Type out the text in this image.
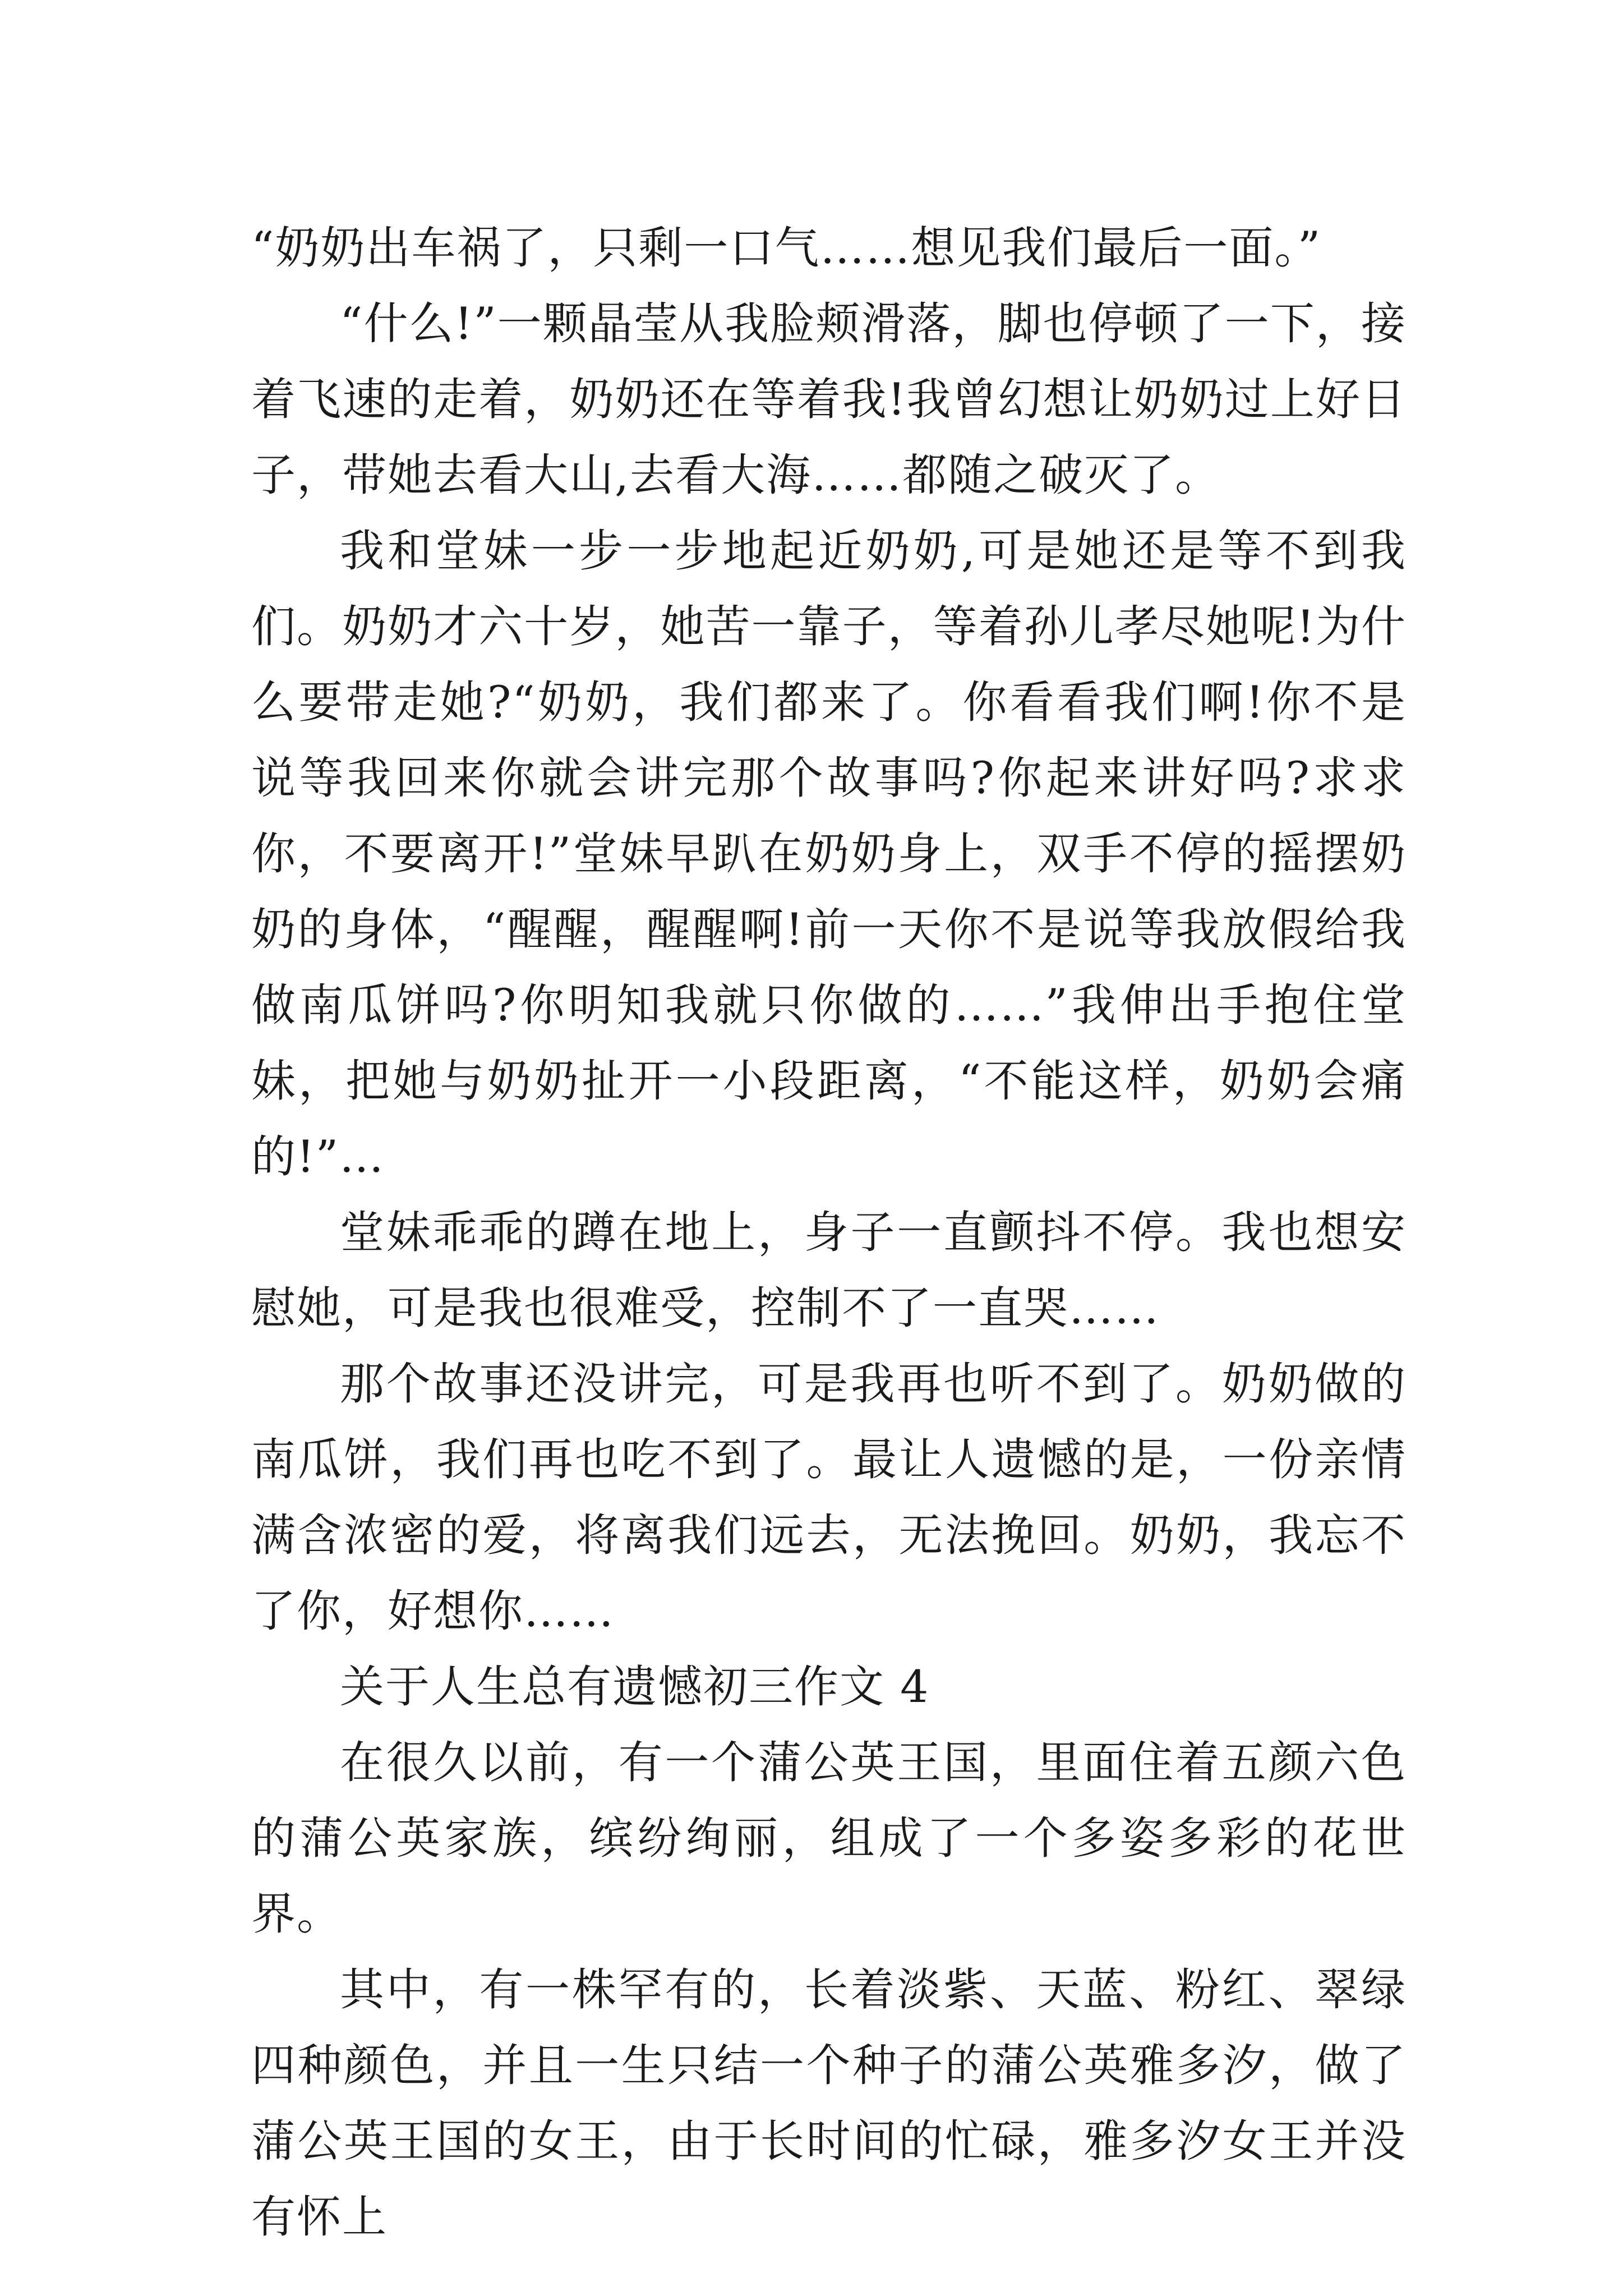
“奶奶出车祸了，只剩一口气……想见我们最后一面。”

“什么!”一颗晶莹从我脸颊滑落，脚也停顿了一下，接着飞速的走着，奶奶还在等着我!我曾幻想让奶奶过上好日子，带她去看大山,去看大海……都随之破灭了。

我和堂妹一步一步地起近奶奶,可是她还是等不到我们。奶奶才六十岁，她苦一靠子，等着孙儿孝尽她呢!为什么要带走她?“奶奶，我们都来了。你看看我们啊!你不是说等我回来你就会讲完那个故事吗?你起来讲好吗?求求你，不要离开!”堂妹早趴在奶奶身上，双手不停的摇摆奶奶的身体，“醒醒，醒醒啊!前一天你不是说等我放假给我做南瓜饼吗?你明知我就只你做的……”我伸出手抱住堂妹，把她与奶奶扯开一小段距离，“不能这样，奶奶会痛的!”…

堂妹乖乖的蹲在地上，身子一直颤抖不停。我也想安慰她，可是我也很难受，控制不了一直哭……

那个故事还没讲完，可是我再也听不到了。奶奶做的南瓜饼，我们再也吃不到了。最让人遗憾的是，一份亲情满含浓密的爱，将离我们远去，无法挽回。奶奶，我忘不了你，好想你……

关于人生总有遗憾初三作文 4

在很久以前，有一个蒲公英王国，里面住着五颜六色的蒲公英家族，缤纷绚丽，组成了一个多姿多彩的花世界。

其中，有一株罕有的，长着淡紫、天蓝、粉红、翠绿四种颜色，并且一生只结一个种子的蒲公英雅多汐，做了蒲公英王国的女王，由于长时间的忙碌，雅多汐女王并没有怀上
